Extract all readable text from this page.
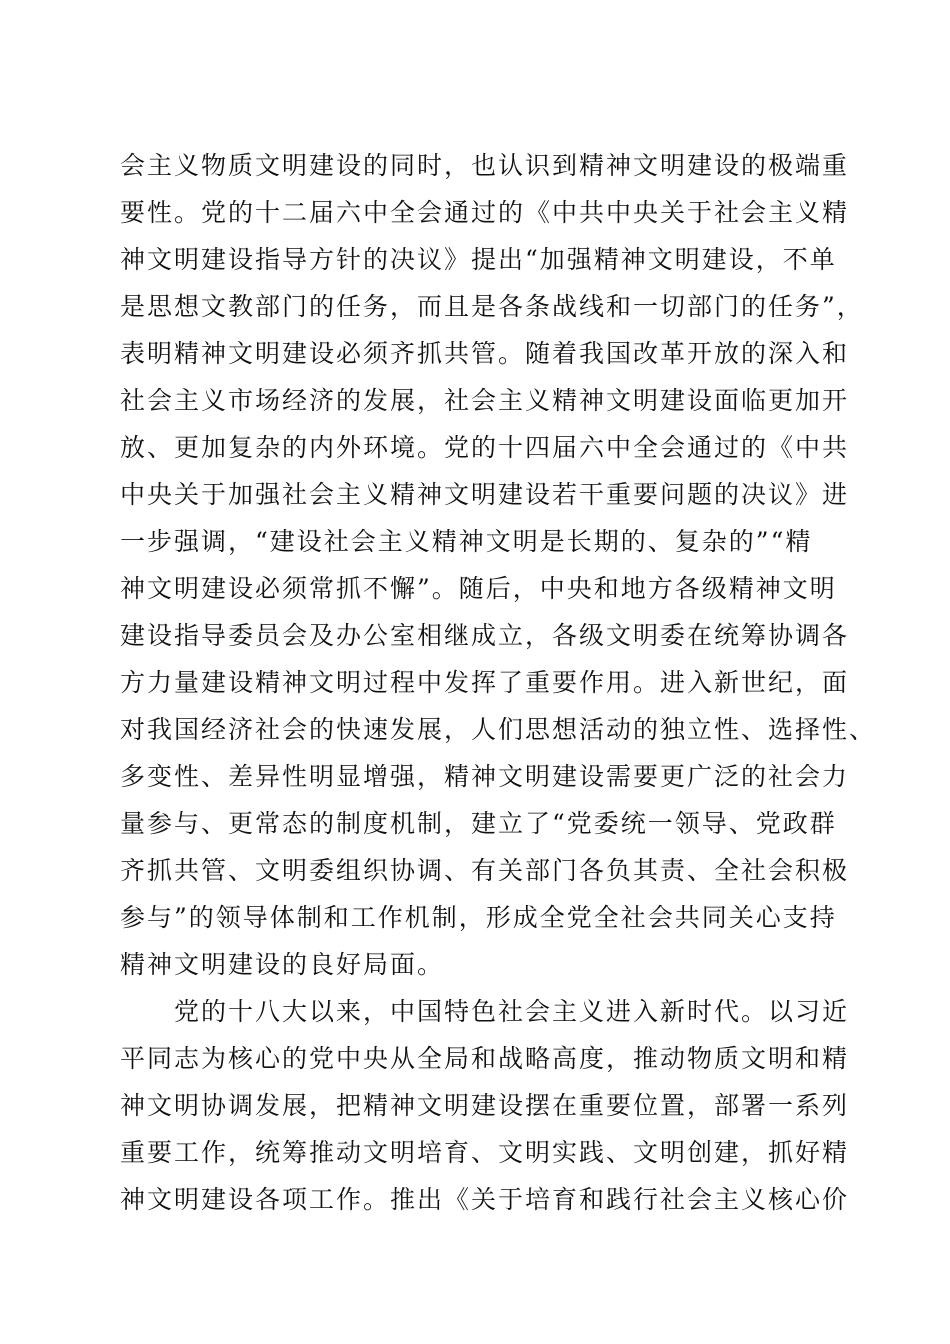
会主义物质文明建设的同时，也认识到精神文明建设的极端重
要性。党的十二届六中全会通过的《中共中央关于社会主义精
神文明建设指导方针的决议》提出“加强精神文明建设，不单
是思想文教部门的任务，而且是各条战线和一切部门的任务”，
表明精神文明建设必须齐抓共管。随着我国改革开放的深入和
社会主义市场经济的发展，社会主义精神文明建设面临更加开
放、更加复杂的内外环境。党的十四届六中全会通过的《中共
中央关于加强社会主义精神文明建设若干重要问题的决议》进
一步强调，“建设社会主义精神文明是长期的、复杂的”“精
神文明建设必须常抓不懈”。随后，中央和地方各级精神文明
建设指导委员会及办公室相继成立，各级文明委在统筹协调各
方力量建设精神文明过程中发挥了重要作用。进入新世纪，面
对我国经济社会的快速发展，人们思想活动的独立性、选择性、
多变性、差异性明显增强，精神文明建设需要更广泛的社会力
量参与、更常态的制度机制，建立了“党委统一领导、党政群
齐抓共管、文明委组织协调、有关部门各负其责、全社会积极
参与”的领导体制和工作机制，形成全党全社会共同关心支持
精神文明建设的良好局面。
　　党的十八大以来，中国特色社会主义进入新时代。以习近
平同志为核心的党中央从全局和战略高度，推动物质文明和精
神文明协调发展，把精神文明建设摆在重要位置，部署一系列
重要工作，统筹推动文明培育、文明实践、文明创建，抓好精
神文明建设各项工作。推出《关于培育和践行社会主义核心价
